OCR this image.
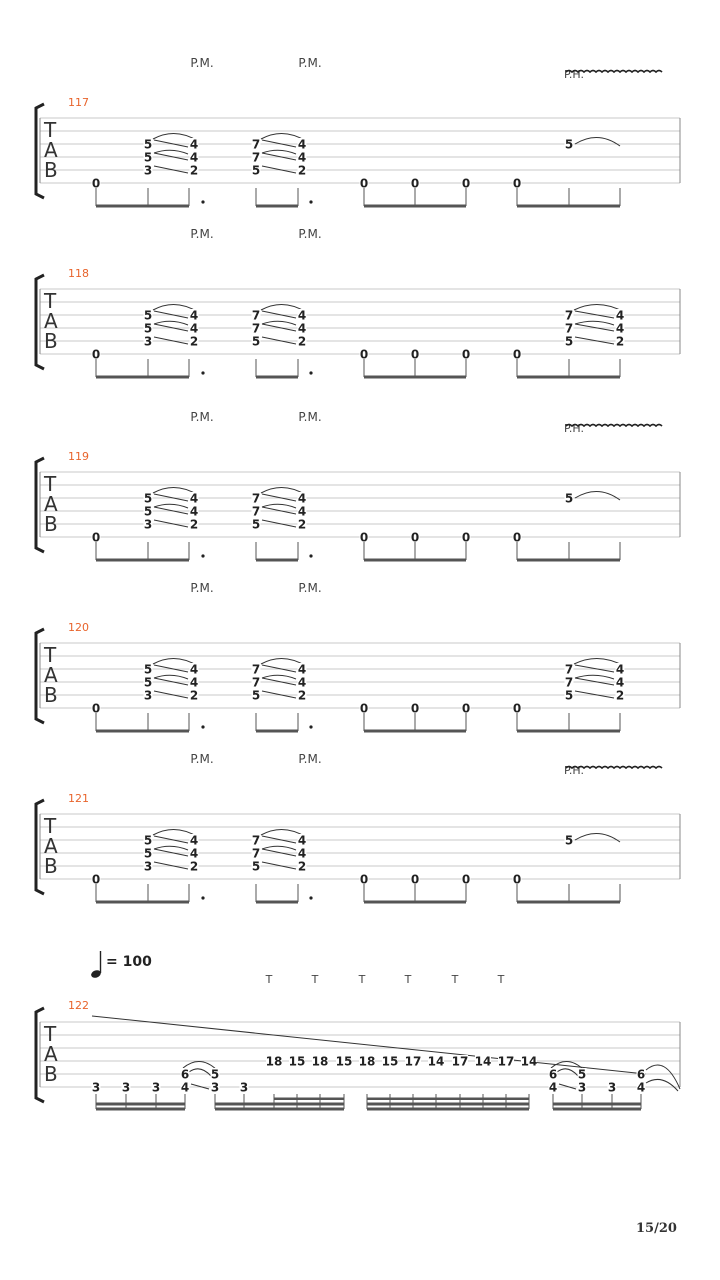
T
A
B
117
P.M.	P.M.
P.H.
0
5
5
3
4
4
2
7
7
5
4
4
2
0	0	0	0
5
T
A
B
118
P.M.	P.M.
0
5
5
3
4
4
2
7
7
5
4
4
2
0	0	0	0
7
7
5
4
4
2
T
A
B
119
P.M.	P.M.
P.H.
0
5
5
3
4
4
2
7
7
5
4
4
2
0	0	0	0
5
T
A
B
120
P.M.	P.M.
0
5
5
3
4
4
2
7
7
5
4
4
2
0	0	0	0
7
7
5
4
4
2
T
A
B
121
P.M.	P.M.
P.H.
0
5
5
3
4
4
2
7
7
5
4
4
2
0	0	0	0
5
T
A
B
122
= 100
T	T	T	T	T	T
3 3 3
6
4
5
3 3
18 15 18 15 18 15 17 14 17 14 17 14
6
4
5
3 3
6
4
15/20
